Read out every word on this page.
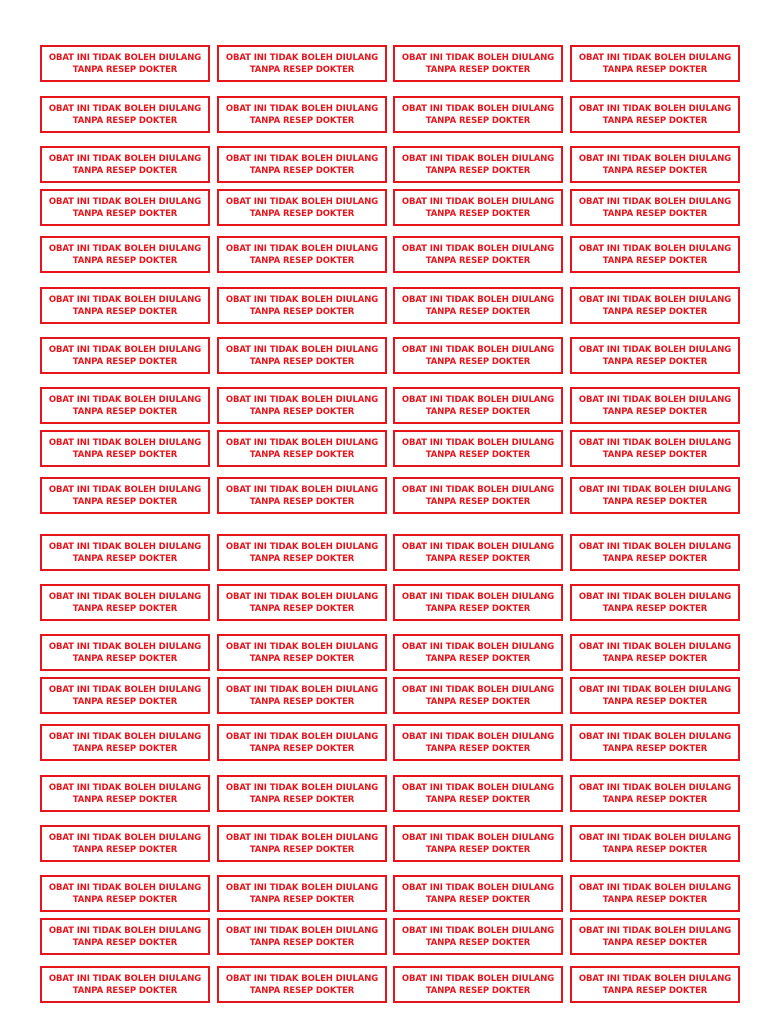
OBAT INI TIDAK BOLEH DIULANG
TANPA RESEP DOKTER
OBAT INI TIDAK BOLEH DIULANG
TANPA RESEP DOKTER
OBAT INI TIDAK BOLEH DIULANG
TANPA RESEP DOKTER
OBAT INI TIDAK BOLEH DIULANG
TANPA RESEP DOKTER
OBAT INI TIDAK BOLEH DIULANG
TANPA RESEP DOKTER
OBAT INI TIDAK BOLEH DIULANG
TANPA RESEP DOKTER
OBAT INI TIDAK BOLEH DIULANG
TANPA RESEP DOKTER
OBAT INI TIDAK BOLEH DIULANG
TANPA RESEP DOKTER
OBAT INI TIDAK BOLEH DIULANG
TANPA RESEP DOKTER
OBAT INI TIDAK BOLEH DIULANG
TANPA RESEP DOKTER
OBAT INI TIDAK BOLEH DIULANG
TANPA RESEP DOKTER
OBAT INI TIDAK BOLEH DIULANG
TANPA RESEP DOKTER
OBAT INI TIDAK BOLEH DIULANG
TANPA RESEP DOKTER
OBAT INI TIDAK BOLEH DIULANG
TANPA RESEP DOKTER
OBAT INI TIDAK BOLEH DIULANG
TANPA RESEP DOKTER
OBAT INI TIDAK BOLEH DIULANG
TANPA RESEP DOKTER
OBAT INI TIDAK BOLEH DIULANG
TANPA RESEP DOKTER
OBAT INI TIDAK BOLEH DIULANG
TANPA RESEP DOKTER
OBAT INI TIDAK BOLEH DIULANG
TANPA RESEP DOKTER
OBAT INI TIDAK BOLEH DIULANG
TANPA RESEP DOKTER
OBAT INI TIDAK BOLEH DIULANG
TANPA RESEP DOKTER
OBAT INI TIDAK BOLEH DIULANG
TANPA RESEP DOKTER
OBAT INI TIDAK BOLEH DIULANG
TANPA RESEP DOKTER
OBAT INI TIDAK BOLEH DIULANG
TANPA RESEP DOKTER
OBAT INI TIDAK BOLEH DIULANG
TANPA RESEP DOKTER
OBAT INI TIDAK BOLEH DIULANG
TANPA RESEP DOKTER
OBAT INI TIDAK BOLEH DIULANG
TANPA RESEP DOKTER
OBAT INI TIDAK BOLEH DIULANG
TANPA RESEP DOKTER
OBAT INI TIDAK BOLEH DIULANG
TANPA RESEP DOKTER
OBAT INI TIDAK BOLEH DIULANG
TANPA RESEP DOKTER
OBAT INI TIDAK BOLEH DIULANG
TANPA RESEP DOKTER
OBAT INI TIDAK BOLEH DIULANG
TANPA RESEP DOKTER
OBAT INI TIDAK BOLEH DIULANG
TANPA RESEP DOKTER
OBAT INI TIDAK BOLEH DIULANG
TANPA RESEP DOKTER
OBAT INI TIDAK BOLEH DIULANG
TANPA RESEP DOKTER
OBAT INI TIDAK BOLEH DIULANG
TANPA RESEP DOKTER
OBAT INI TIDAK BOLEH DIULANG
TANPA RESEP DOKTER
OBAT INI TIDAK BOLEH DIULANG
TANPA RESEP DOKTER
OBAT INI TIDAK BOLEH DIULANG
TANPA RESEP DOKTER
OBAT INI TIDAK BOLEH DIULANG
TANPA RESEP DOKTER
OBAT INI TIDAK BOLEH DIULANG
TANPA RESEP DOKTER
OBAT INI TIDAK BOLEH DIULANG
TANPA RESEP DOKTER
OBAT INI TIDAK BOLEH DIULANG
TANPA RESEP DOKTER
OBAT INI TIDAK BOLEH DIULANG
TANPA RESEP DOKTER
OBAT INI TIDAK BOLEH DIULANG
TANPA RESEP DOKTER
OBAT INI TIDAK BOLEH DIULANG
TANPA RESEP DOKTER
OBAT INI TIDAK BOLEH DIULANG
TANPA RESEP DOKTER
OBAT INI TIDAK BOLEH DIULANG
TANPA RESEP DOKTER
OBAT INI TIDAK BOLEH DIULANG
TANPA RESEP DOKTER
OBAT INI TIDAK BOLEH DIULANG
TANPA RESEP DOKTER
OBAT INI TIDAK BOLEH DIULANG
TANPA RESEP DOKTER
OBAT INI TIDAK BOLEH DIULANG
TANPA RESEP DOKTER
OBAT INI TIDAK BOLEH DIULANG
TANPA RESEP DOKTER
OBAT INI TIDAK BOLEH DIULANG
TANPA RESEP DOKTER
OBAT INI TIDAK BOLEH DIULANG
TANPA RESEP DOKTER
OBAT INI TIDAK BOLEH DIULANG
TANPA RESEP DOKTER
OBAT INI TIDAK BOLEH DIULANG
TANPA RESEP DOKTER
OBAT INI TIDAK BOLEH DIULANG
TANPA RESEP DOKTER
OBAT INI TIDAK BOLEH DIULANG
TANPA RESEP DOKTER
OBAT INI TIDAK BOLEH DIULANG
TANPA RESEP DOKTER
OBAT INI TIDAK BOLEH DIULANG
TANPA RESEP DOKTER
OBAT INI TIDAK BOLEH DIULANG
TANPA RESEP DOKTER
OBAT INI TIDAK BOLEH DIULANG
TANPA RESEP DOKTER
OBAT INI TIDAK BOLEH DIULANG
TANPA RESEP DOKTER
OBAT INI TIDAK BOLEH DIULANG
TANPA RESEP DOKTER
OBAT INI TIDAK BOLEH DIULANG
TANPA RESEP DOKTER
OBAT INI TIDAK BOLEH DIULANG
TANPA RESEP DOKTER
OBAT INI TIDAK BOLEH DIULANG
TANPA RESEP DOKTER
OBAT INI TIDAK BOLEH DIULANG
TANPA RESEP DOKTER
OBAT INI TIDAK BOLEH DIULANG
TANPA RESEP DOKTER
OBAT INI TIDAK BOLEH DIULANG
TANPA RESEP DOKTER
OBAT INI TIDAK BOLEH DIULANG
TANPA RESEP DOKTER
OBAT INI TIDAK BOLEH DIULANG
TANPA RESEP DOKTER
OBAT INI TIDAK BOLEH DIULANG
TANPA RESEP DOKTER
OBAT INI TIDAK BOLEH DIULANG
TANPA RESEP DOKTER
OBAT INI TIDAK BOLEH DIULANG
TANPA RESEP DOKTER
OBAT INI TIDAK BOLEH DIULANG
TANPA RESEP DOKTER
OBAT INI TIDAK BOLEH DIULANG
TANPA RESEP DOKTER
OBAT INI TIDAK BOLEH DIULANG
TANPA RESEP DOKTER
OBAT INI TIDAK BOLEH DIULANG
TANPA RESEP DOKTER
